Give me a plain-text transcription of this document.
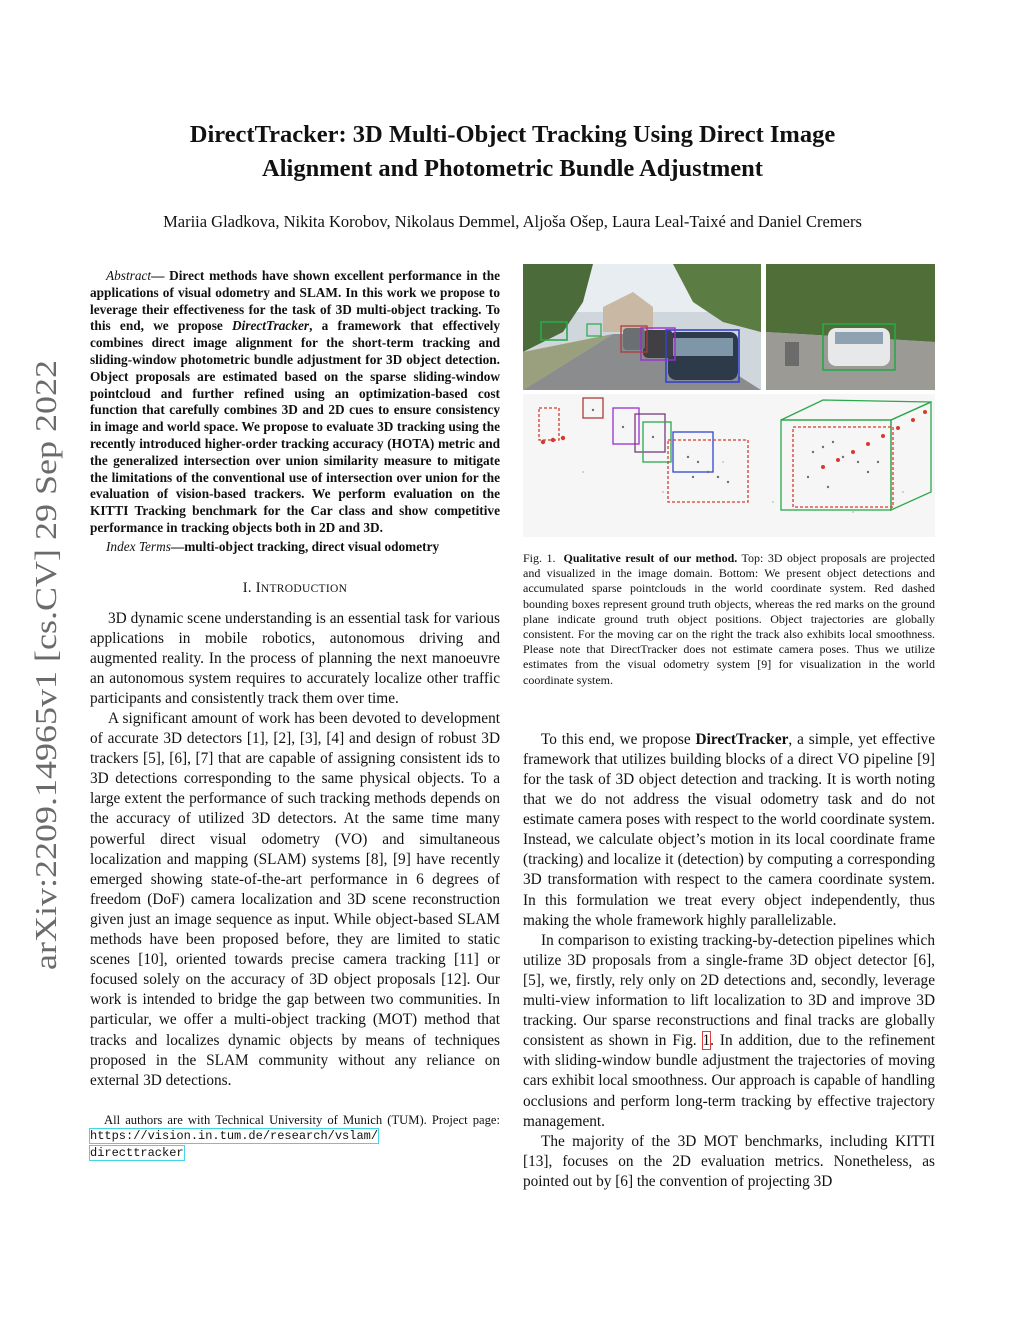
arXiv:2209.14965v1 [cs.CV] 29 Sep 2022
DirectTracker: 3D Multi-Object Tracking Using Direct Image
Alignment and Photometric Bundle Adjustment
Mariia Gladkova, Nikita Korobov, Nikolaus Demmel, Aljoša Ošep, Laura Leal-Taixé and Daniel Cremers

Abstract— Direct methods have shown excellent performance in the applications of visual odometry and SLAM. In this work we propose to leverage their effectiveness for the task of 3D multi-object tracking. To this end, we propose DirectTracker, a framework that effectively combines direct image alignment for the short-term tracking and sliding-window photometric bundle adjustment for 3D object detection. Object proposals are estimated based on the sparse sliding-window pointcloud and further refined using an optimization-based cost function that carefully combines 3D and 2D cues to ensure consistency in image and world space. We propose to evaluate 3D tracking using the recently introduced higher-order tracking accuracy (HOTA) metric and the generalized intersection over union similarity measure to mitigate the limitations of the conventional use of intersection over union for the evaluation of vision-based trackers. We perform evaluation on the KITTI Tracking benchmark for the Car class and show competitive performance in tracking objects both in 2D and 3D.

Index Terms—multi-object tracking, direct visual odometry

I. INTRODUCTION

3D dynamic scene understanding is an essential task for various applications in mobile robotics, autonomous driving and augmented reality. In the process of planning the next manoeuvre an autonomous system requires to accurately localize other traffic participants and consistently track them over time.

A significant amount of work has been devoted to development of accurate 3D detectors [1], [2], [3], [4] and design of robust 3D trackers [5], [6], [7] that are capable of assigning consistent ids to 3D detections corresponding to the same physical objects. To a large extent the performance of such tracking methods depends on the accuracy of utilized 3D detectors. At the same time many powerful direct visual odometry (VO) and simultaneous localization and mapping (SLAM) systems [8], [9] have recently emerged showing state-of-the-art performance in 6 degrees of freedom (DoF) camera localization and 3D scene reconstruction given just an image sequence as input. While object-based SLAM methods have been proposed before, they are limited to static scenes [10], oriented towards precise camera tracking [11] or focused solely on the accuracy of 3D object proposals [12]. Our work is intended to bridge the gap between two communities. In particular, we offer a multi-object tracking (MOT) method that tracks and localizes dynamic objects by means of techniques proposed in the SLAM community without any reliance on external 3D detections.

All authors are with Technical University of Munich (TUM). Project page: https://vision.in.tum.de/research/vslam/
directtracker

Fig. 1. Qualitative result of our method. Top: 3D object proposals are projected and visualized in the image domain. Bottom: We present object detections and accumulated sparse pointclouds in the world coordinate system. Red dashed bounding boxes represent ground truth objects, whereas the red marks on the ground plane indicate ground truth object positions. Object trajectories are globally consistent. For the moving car on the right the track also exhibits local smoothness. Please note that DirectTracker does not estimate camera poses. Thus we utilize estimates from the visual odometry system [9] for visualization in the world coordinate system.

To this end, we propose DirectTracker, a simple, yet effective framework that utilizes building blocks of a direct VO pipeline [9] for the task of 3D object detection and tracking. It is worth noting that we do not address the visual odometry task and do not estimate camera poses with respect to the world coordinate system. Instead, we calculate object’s motion in its local coordinate frame (tracking) and localize it (detection) by computing a corresponding 3D transformation with respect to the camera coordinate system. In this formulation we treat every object independently, thus making the whole framework highly parallelizable.

In comparison to existing tracking-by-detection pipelines which utilize 3D proposals from a single-frame 3D object detector [6], [5], we, firstly, rely only on 2D detections and, secondly, leverage multi-view information to lift localization to 3D and improve 3D tracking. Our sparse reconstructions and final tracks are globally consistent as shown in Fig. 1. In addition, due to the refinement with sliding-window bundle adjustment the trajectories of moving cars exhibit local smoothness. Our approach is capable of handling occlusions and perform long-term tracking by effective trajectory management.

The majority of the 3D MOT benchmarks, including KITTI [13], focuses on the 2D evaluation metrics. Nonetheless, as pointed out by [6] the convention of projecting 3D
